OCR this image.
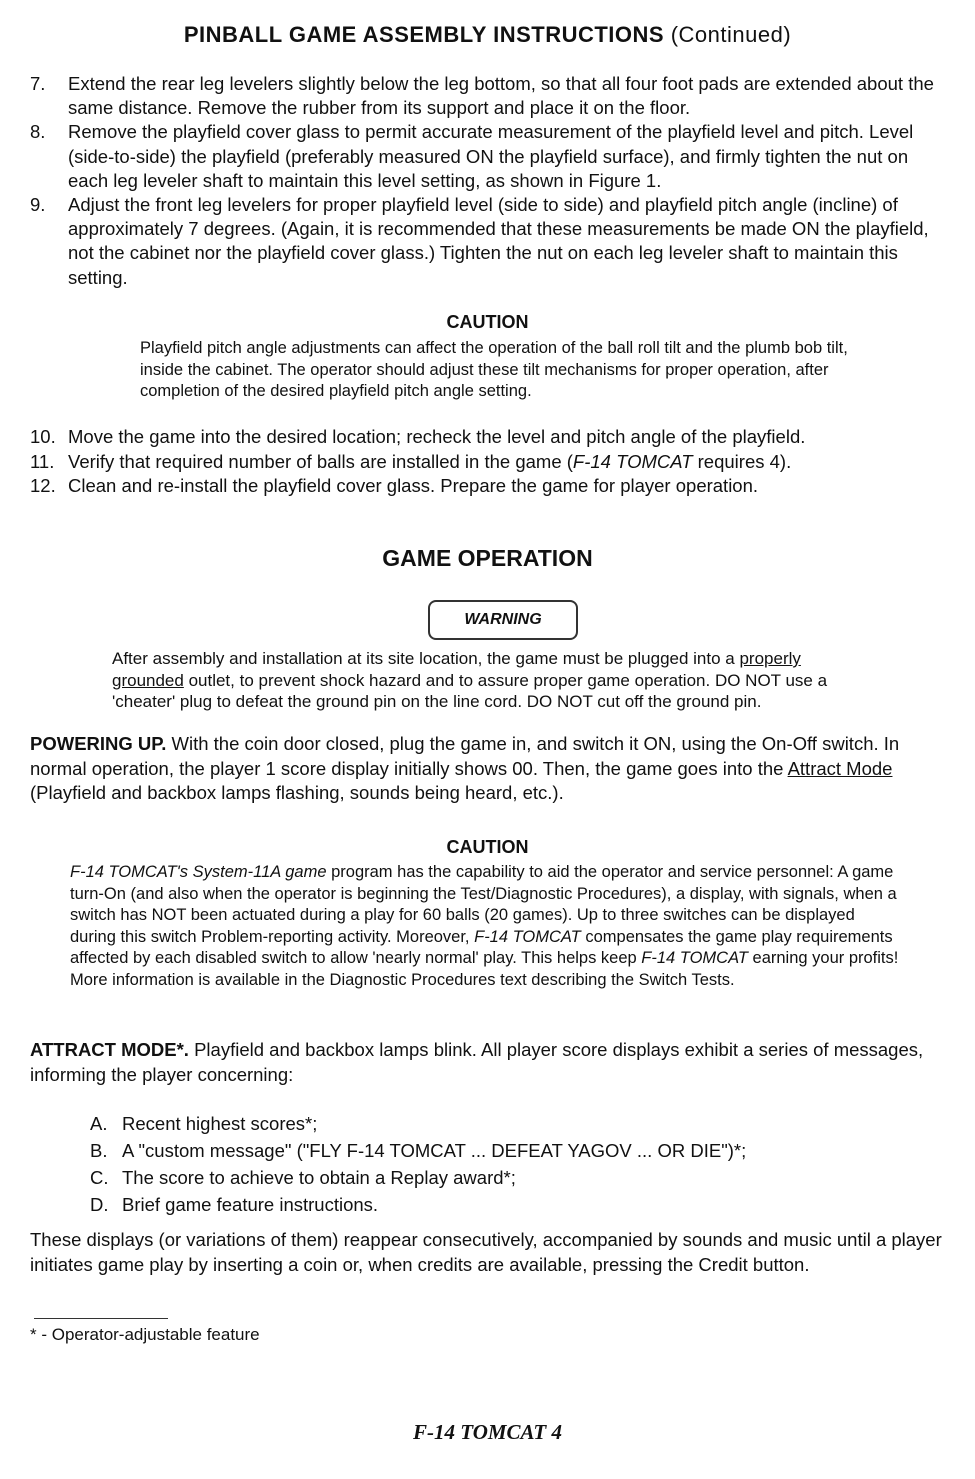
PINBALL GAME ASSEMBLY INSTRUCTIONS (Continued)
7.	Extend the rear leg levelers slightly below the leg bottom, so that all four foot pads are extended about the same distance. Remove the rubber from its support and place it on the floor.
8.	Remove the playfield cover glass to permit accurate measurement of the playfield level and pitch. Level (side-to-side) the playfield (preferably measured ON the playfield surface), and firmly tighten the nut on each leg leveler shaft to maintain this level setting, as shown in Figure 1.
9.	Adjust the front leg levelers for proper playfield level (side to side) and playfield pitch angle (incline) of approximately 7 degrees. (Again, it is recommended that these measurements be made ON the playfield, not the cabinet nor the playfield cover glass.) Tighten the nut on each leg leveler shaft to maintain this setting.
CAUTION
Playfield pitch angle adjustments can affect the operation of the ball roll tilt and the plumb bob tilt, inside the cabinet. The operator should adjust these tilt mechanisms for proper operation, after completion of the desired playfield pitch angle setting.
10. Move the game into the desired location; recheck the level and pitch angle of the playfield.
11. Verify that required number of balls are installed in the game (F-14 TOMCAT requires 4).
12. Clean and re-install the playfield cover glass. Prepare the game for player operation.
GAME OPERATION
WARNING
After assembly and installation at its site location, the game must be plugged into a properly grounded outlet, to prevent shock hazard and to assure proper game operation. DO NOT use a 'cheater' plug to defeat the ground pin on the line cord. DO NOT cut off the ground pin.
POWERING UP. With the coin door closed, plug the game in, and switch it ON, using the On-Off switch. In normal operation, the player 1 score display initially shows 00. Then, the game goes into the Attract Mode (Playfield and backbox lamps flashing, sounds being heard, etc.).
CAUTION
F-14 TOMCAT's System-11A game program has the capability to aid the operator and service personnel: A game turn-On (and also when the operator is beginning the Test/Diagnostic Procedures), a display, with signals, when a switch has NOT been actuated during a play for 60 balls (20 games). Up to three switches can be displayed during this switch Problem-reporting activity. Moreover, F-14 TOMCAT compensates the game play requirements affected by each disabled switch to allow 'nearly normal' play. This helps keep F-14 TOMCAT earning your profits! More information is available in the Diagnostic Procedures text describing the Switch Tests.
ATTRACT MODE*. Playfield and backbox lamps blink. All player score displays exhibit a series of messages, informing the player concerning:
A. Recent highest scores*;
B. A "custom message" ("FLY F-14 TOMCAT ... DEFEAT YAGOV ... OR DIE")*;
C. The score to achieve to obtain a Replay award*;
D. Brief game feature instructions.
These displays (or variations of them) reappear consecutively, accompanied by sounds and music until a player initiates game play by inserting a coin or, when credits are available, pressing the Credit button.
* - Operator-adjustable feature
F-14 TOMCAT 4
